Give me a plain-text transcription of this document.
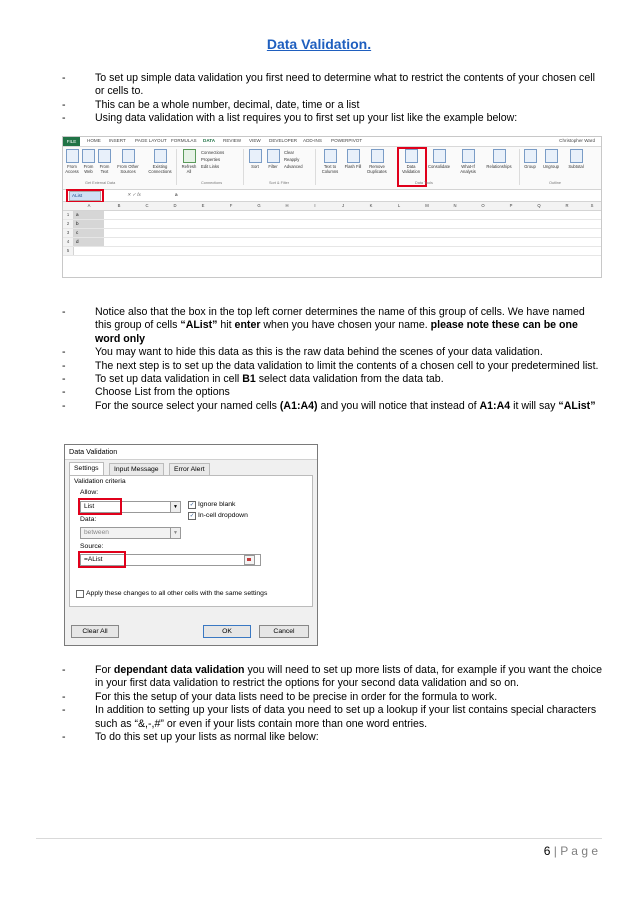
Data Validation.
-	To set up simple data validation you first need to determine what to restrict the contents of your chosen cell or cells to.
-	This can be a whole number, decimal, date, time or a list
-	Using data validation with a list requires you to first set up your list like the example below:
FILE	HOME INSERT PAGE LAYOUT FORMULAS DATA REVIEW VIEW DEVELOPER ADD-INS POWERPIVOT	Christopher Ward
From Access
From Web
From Text
From Other Sources
Existing Connections
Refresh All
Connections
Properties
Edit Links	Sort	Filter
Clear
Reapply
Advanced	Text to Columns
Flash Fill	Remove Duplicates
Data Validation
Consolidate	What-If Analysis
Relationships	Group	Ungroup	Subtotal
Get External Data	Connections	Sort & Filter	Data Tools	Outline
AList	✕ ✓ fx	a
A	B	C	D	E	F	G	H	I	J	K	L	M	N	O	P	Q	R	S
1	a
2	b
3	c
4	d
5
-	Notice also that the box in the top left corner determines the name of this group of cells. We have named this group of cells “AList” hit enter when you have chosen your name. please note these can be one word only
-	You may want to hide this data as this is the raw data behind the scenes of your data validation.
-	The next step is to set up the data validation to limit the contents of a chosen cell to your predetermined list.
-	To set up data validation in cell B1 select data validation from the data tab.
-	Choose List from the options
-	For the source select your named cells (A1:A4) and you will notice that instead of A1:A4 it will say “AList”
Data Validation
Settings	Input Message	Error Alert
Validation criteria
Allow:
List	▼	✓ Ignore blank
✓ In-cell dropdown
Data:
between	▼
Source:
=AList
Apply these changes to all other cells with the same settings
Clear All	OK	Cancel
-	For dependant data validation you will need to set up more lists of data, for example if you want the choice in your first data validation to restrict the options for your second data validation and so on.
-	For this the setup of your data lists need to be precise in order for the formula to work.
-	In addition to setting up your lists of data you need to set up a lookup if your list contains special characters such as “&,-,#” or even if your lists contain more than one word entries.
-	To do this set up your lists as normal like below:
6 | P a g e
